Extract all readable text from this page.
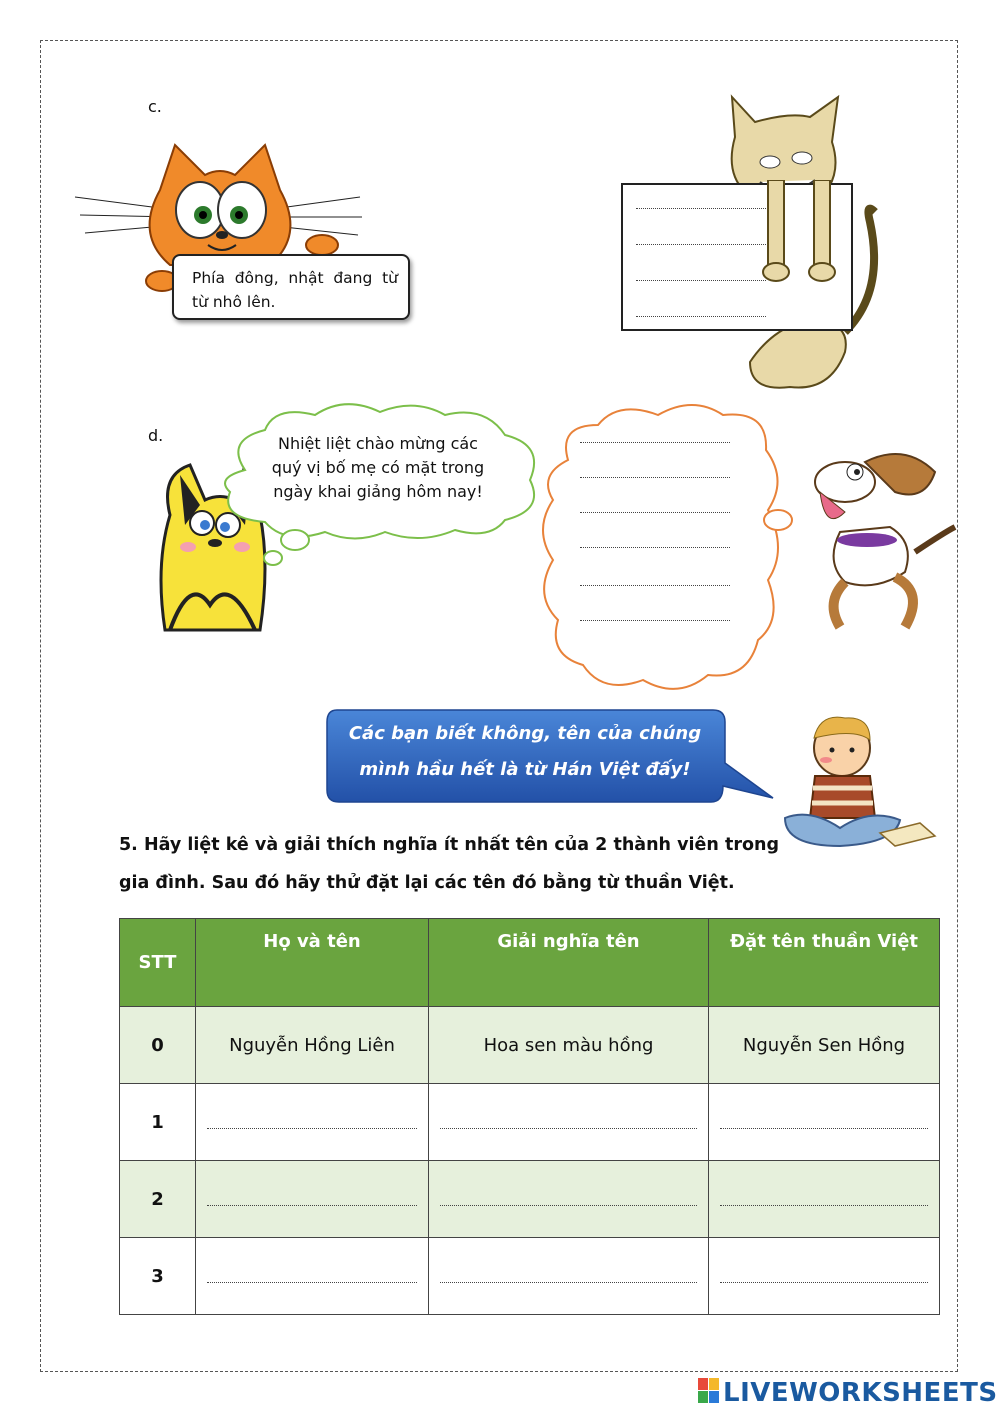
c.
Phía đông, nhật đang từ từ nhô lên.
d.	Nhiệt liệt chào mừng các quý vị bố mẹ có mặt trong ngày khai giảng hôm nay!
Các bạn biết không, tên của chúng mình hầu hết là từ Hán Việt đấy!
5. Hãy liệt kê và giải thích nghĩa ít nhất tên của 2 thành viên trong gia đình. Sau đó hãy thử đặt lại các tên đó bằng từ thuần Việt.
STT	Họ và tên	Giải nghĩa tên	Đặt tên thuần Việt
0	Nguyễn Hồng Liên	Hoa sen màu hồng	Nguyễn Sen Hồng
1	

2	

3	

LIVEWORKSHEETS
